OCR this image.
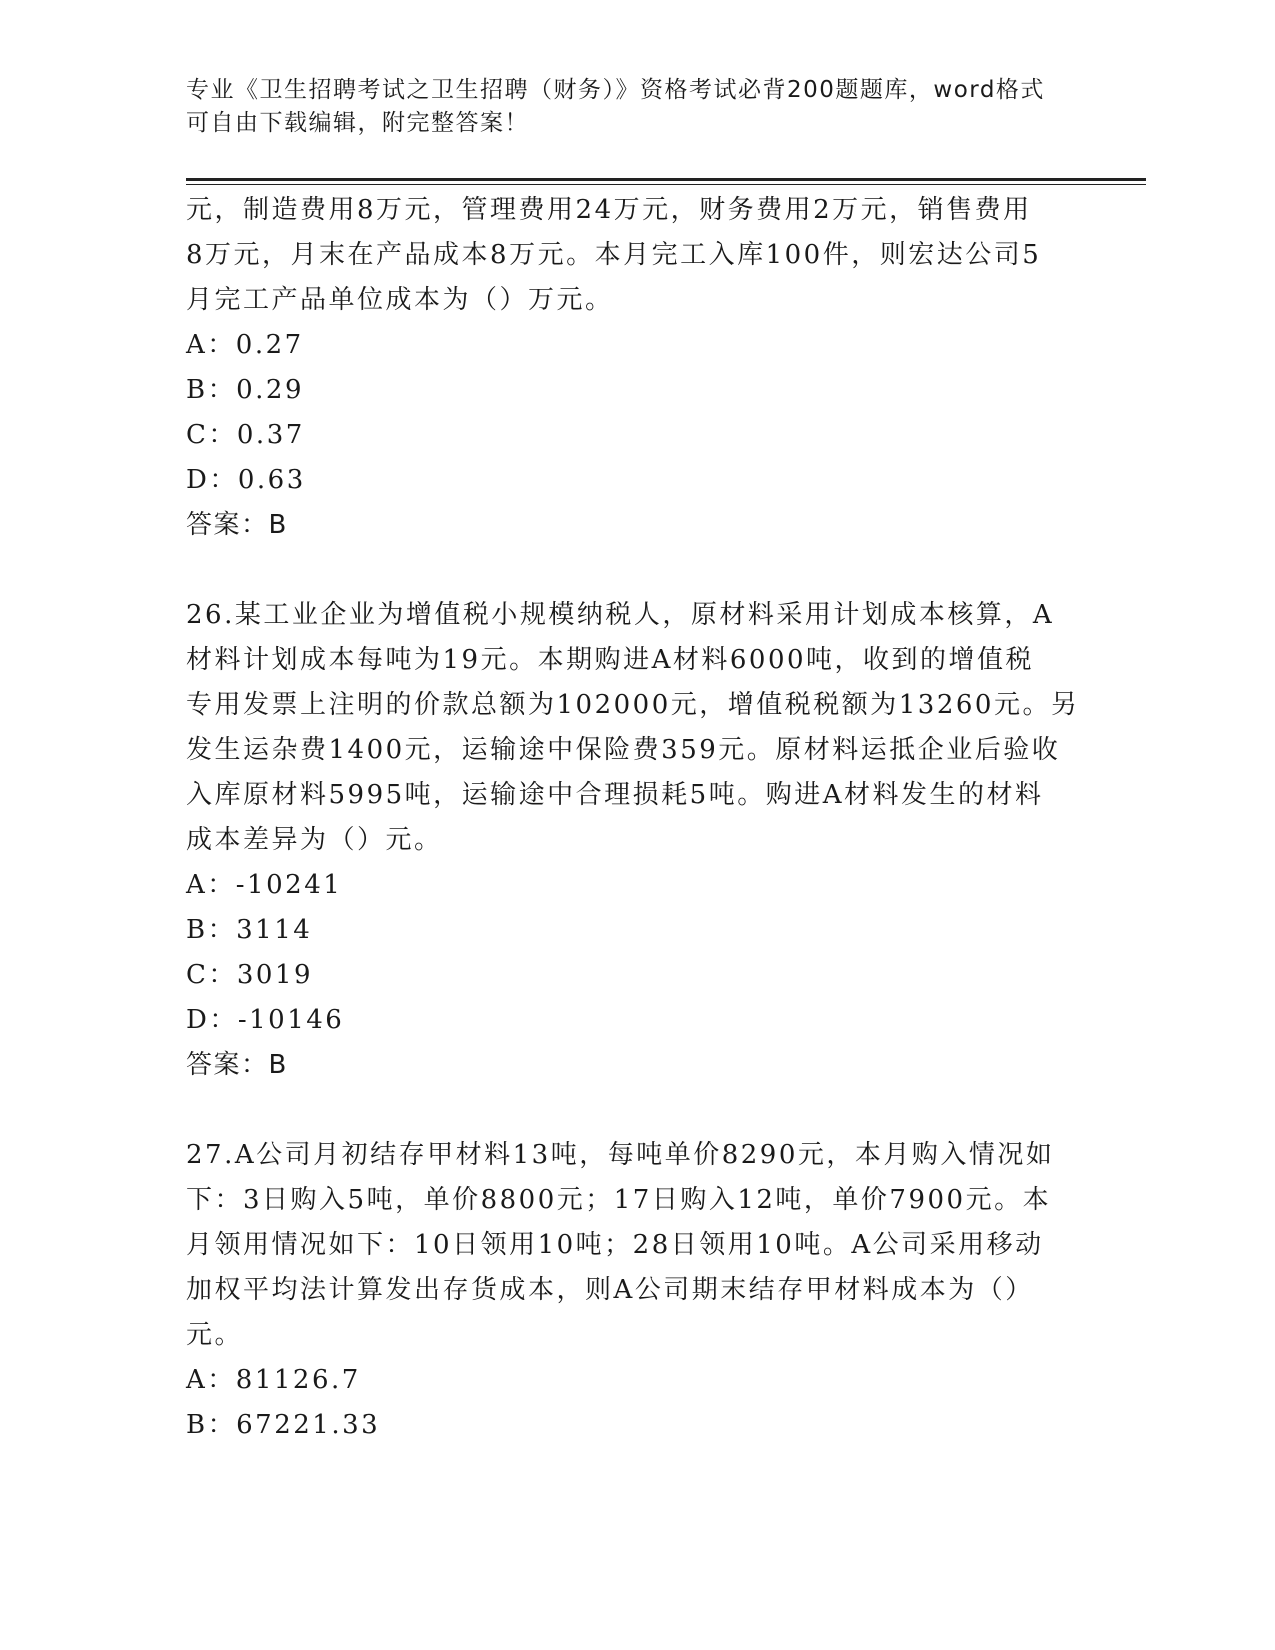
专业《卫生招聘考试之卫生招聘（财务）》资格考试必背200题题库，word格式
可自由下载编辑，附完整答案！
元，制造费用8万元，管理费用24万元，财务费用2万元，销售费用
8万元，月末在产品成本8万元。本月完工入库100件，则宏达公司5
月完工产品单位成本为（）万元。
A：0.27
B：0.29
C：0.37
D：0.63
答案：B
26.某工业企业为增值税小规模纳税人，原材料采用计划成本核算，A
材料计划成本每吨为19元。本期购进A材料6000吨，收到的增值税
专用发票上注明的价款总额为102000元，增值税税额为13260元。另
发生运杂费1400元，运输途中保险费359元。原材料运抵企业后验收
入库原材料5995吨，运输途中合理损耗5吨。购进A材料发生的材料
成本差异为（）元。
A：-10241
B：3114
C：3019
D：-10146
答案：B
27.A公司月初结存甲材料13吨，每吨单价8290元，本月购入情况如
下：3日购入5吨，单价8800元；17日购入12吨，单价7900元。本
月领用情况如下：10日领用10吨；28日领用10吨。A公司采用移动
加权平均法计算发出存货成本，则A公司期末结存甲材料成本为（）
元。
A：81126.7
B：67221.33
